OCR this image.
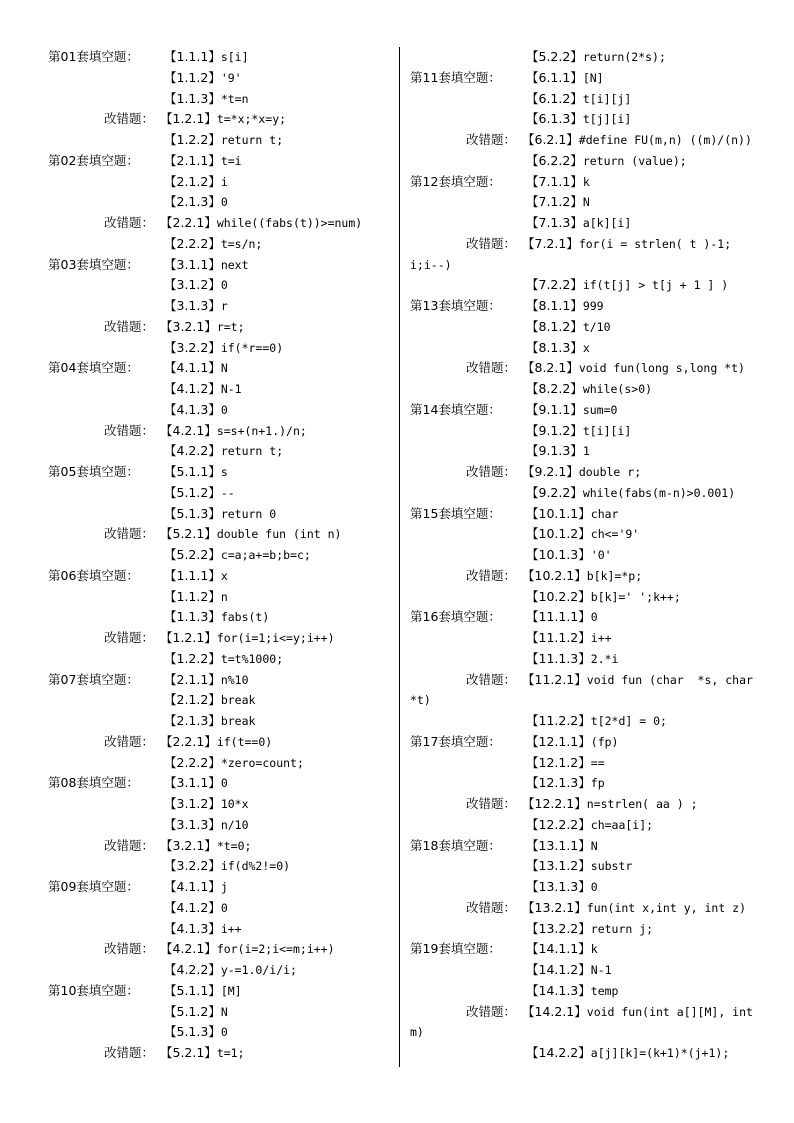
第01套填空题： 【1.1.1】s[i]
【1.1.2】'9'
【1.1.3】*t=n
改错题： 【1.2.1】t=*x;*x=y;
【1.2.2】return t;
第02套填空题： 【2.1.1】t=i
【2.1.2】i
【2.1.3】0
改错题： 【2.2.1】while((fabs(t))>=num)
【2.2.2】t=s/n;
第03套填空题： 【3.1.1】next
【3.1.2】0
【3.1.3】r
改错题： 【3.2.1】r=t;
【3.2.2】if(*r==0)
第04套填空题： 【4.1.1】N
【4.1.2】N-1
【4.1.3】0
改错题： 【4.2.1】s=s+(n+1.)/n;
【4.2.2】return t;
第05套填空题： 【5.1.1】s
【5.1.2】--
【5.1.3】return 0
改错题： 【5.2.1】double fun (int n)
【5.2.2】c=a;a+=b;b=c;
第06套填空题： 【1.1.1】x
【1.1.2】n
【1.1.3】fabs(t)
改错题： 【1.2.1】for(i=1;i<=y;i++)
【1.2.2】t=t%1000;
第07套填空题： 【2.1.1】n%10
【2.1.2】break
【2.1.3】break
改错题： 【2.2.1】if(t==0)
【2.2.2】*zero=count;
第08套填空题： 【3.1.1】0
【3.1.2】10*x
【3.1.3】n/10
改错题： 【3.2.1】*t=0;
【3.2.2】if(d%2!=0)
第09套填空题： 【4.1.1】j
【4.1.2】0
【4.1.3】i++
改错题： 【4.2.1】for(i=2;i<=m;i++)
【4.2.2】y-=1.0/i/i;
第10套填空题： 【5.1.1】[M]
【5.1.2】N
【5.1.3】0
改错题： 【5.2.1】t=1;
【5.2.2】return(2*s);
第11套填空题： 【6.1.1】[N]
【6.1.2】t[i][j]
【6.1.3】t[j][i]
改错题： 【6.2.1】#define FU(m,n) ((m)/(n))
【6.2.2】return (value);
第12套填空题： 【7.1.1】k
【7.1.2】N
【7.1.3】a[k][i]
改错题： 【7.2.1】for(i = strlen( t )-1;
i;i--)
【7.2.2】if(t[j] > t[j + 1 ] )
第13套填空题： 【8.1.1】999
【8.1.2】t/10
【8.1.3】x
改错题： 【8.2.1】void fun(long s,long *t)
【8.2.2】while(s>0)
第14套填空题： 【9.1.1】sum=0
【9.1.2】t[i][i]
【9.1.3】1
改错题： 【9.2.1】double r;
【9.2.2】while(fabs(m-n)>0.001)
第15套填空题： 【10.1.1】char
【10.1.2】ch<='9'
【10.1.3】'0'
改错题： 【10.2.1】b[k]=*p;
【10.2.2】b[k]=' ';k++;
第16套填空题： 【11.1.1】0
【11.1.2】i++
【11.1.3】2.*i
改错题： 【11.2.1】void fun (char  *s, char
*t)
【11.2.2】t[2*d] = 0;
第17套填空题： 【12.1.1】(fp)
【12.1.2】==
【12.1.3】fp
改错题： 【12.2.1】n=strlen( aa ) ;
【12.2.2】ch=aa[i];
第18套填空题： 【13.1.1】N
【13.1.2】substr
【13.1.3】0
改错题： 【13.2.1】fun(int x,int y, int z)
【13.2.2】return j;
第19套填空题： 【14.1.1】k
【14.1.2】N-1
【14.1.3】temp
改错题： 【14.2.1】void fun(int a[][M], int
m)
【14.2.2】a[j][k]=(k+1)*(j+1);
